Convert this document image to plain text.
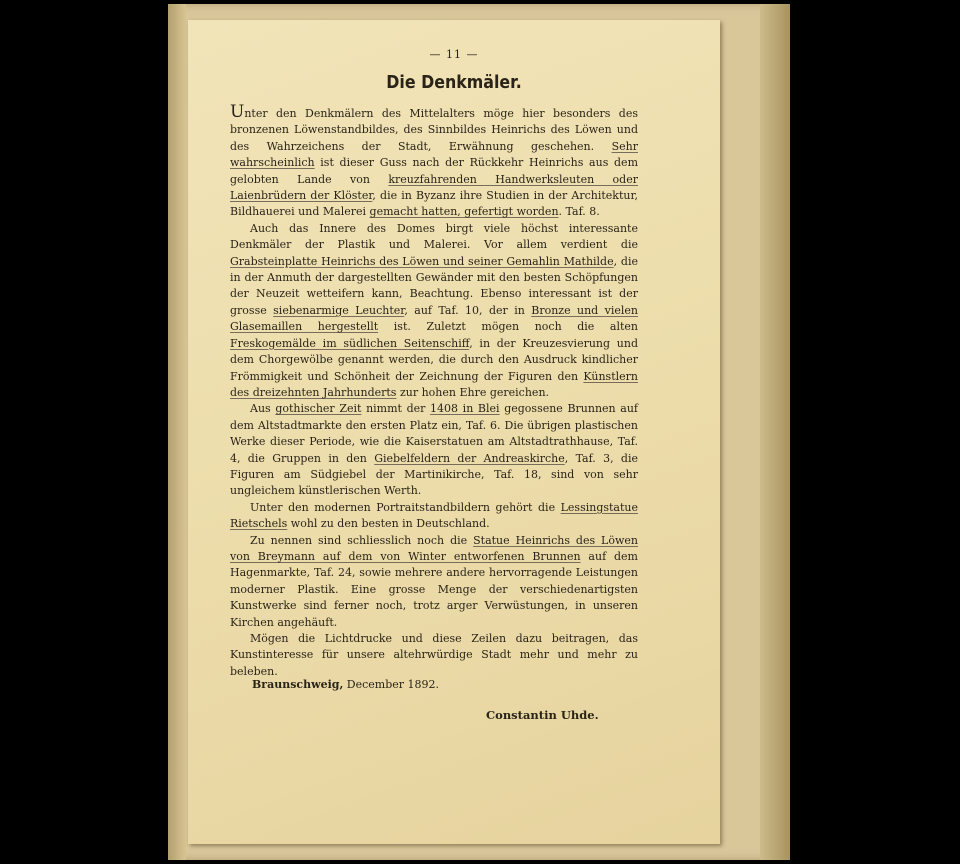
— 11 —
Die Denkmäler.

Unter den Denkmälern des Mittelalters möge hier besonders des bronzenen Löwenstandbildes, des Sinnbildes Heinrichs des Löwen und des Wahrzeichens der Stadt, Erwähnung geschehen. Sehr wahrscheinlich ist dieser Guss nach der Rückkehr Heinrichs aus dem gelobten Lande von kreuzfahrenden Handwerksleuten oder Laienbrüdern der Klöster, die in Byzanz ihre Studien in der Architektur, Bildhauerei und Malerei gemacht hatten, gefertigt worden. Taf. 8.

Auch das Innere des Domes birgt viele höchst interessante Denkmäler der Plastik und Malerei. Vor allem verdient die Grabsteinplatte Heinrichs des Löwen und seiner Gemahlin Mathilde, die in der Anmuth der dargestellten Gewänder mit den besten Schöpfungen der Neuzeit wetteifern kann, Beachtung. Ebenso interessant ist der grosse siebenarmige Leuchter, auf Taf. 10, der in Bronze und vielen Glasemaillen hergestellt ist. Zuletzt mögen noch die alten Freskogemälde im südlichen Seitenschiff, in der Kreuzesvierung und dem Chorgewölbe genannt werden, die durch den Ausdruck kindlicher Frömmigkeit und Schönheit der Zeichnung der Figuren den Künstlern des dreizehnten Jahrhunderts zur hohen Ehre gereichen.

Aus gothischer Zeit nimmt der 1408 in Blei gegossene Brunnen auf dem Altstadtmarkte den ersten Platz ein, Taf. 6. Die übrigen plastischen Werke dieser Periode, wie die Kaiserstatuen am Altstadtrathhause, Taf. 4, die Gruppen in den Giebelfeldern der Andreaskirche, Taf. 3, die Figuren am Südgiebel der Martinikirche, Taf. 18, sind von sehr ungleichem künstlerischen Werth.

Unter den modernen Portraitstandbildern gehört die Lessingstatue Rietschels wohl zu den besten in Deutschland.

Zu nennen sind schliesslich noch die Statue Heinrichs des Löwen von Breymann auf dem von Winter entworfenen Brunnen auf dem Hagenmarkte, Taf. 24, sowie mehrere andere hervorragende Leistungen moderner Plastik. Eine grosse Menge der verschiedenartigsten Kunstwerke sind ferner noch, trotz arger Verwüstungen, in unseren Kirchen angehäuft.

Mögen die Lichtdrucke und diese Zeilen dazu beitragen, das Kunstinteresse für unsere altehrwürdige Stadt mehr und mehr zu beleben.

Braunschweig, December 1892.
Constantin Uhde.
